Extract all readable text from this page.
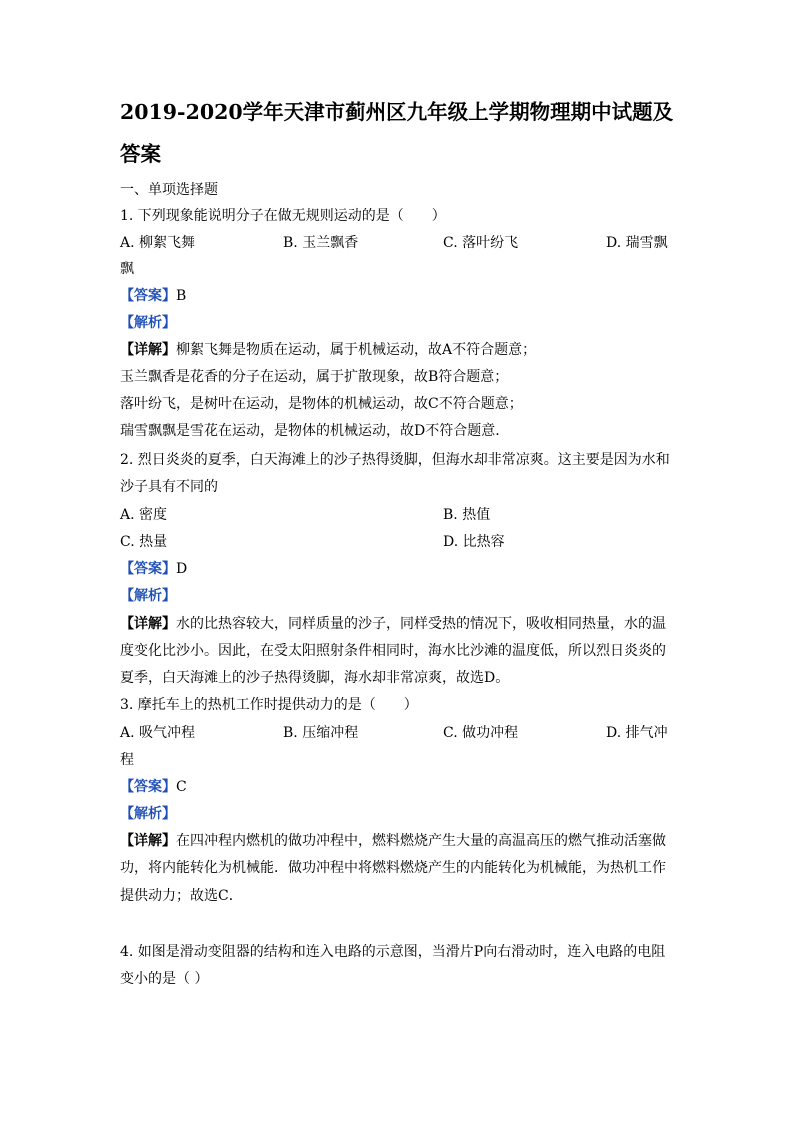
2019-2020学年天津市蓟州区九年级上学期物理期中试题及
答案
一、单项选择题
1. 下列现象能说明分子在做无规则运动的是（　　）
A. 柳絮飞舞	B. 玉兰飘香	C. 落叶纷飞	D. 瑞雪飘
飘
【答案】B
【解析】
【详解】柳絮飞舞是物质在运动，属于机械运动，故A不符合题意；
玉兰飘香是花香的分子在运动，属于扩散现象，故B符合题意；
落叶纷飞，是树叶在运动，是物体的机械运动，故C不符合题意；
瑞雪飘飘是雪花在运动，是物体的机械运动，故D不符合题意.
2. 烈日炎炎的夏季，白天海滩上的沙子热得烫脚，但海水却非常凉爽。这主要是因为水和
沙子具有不同的
A. 密度	B. 热值
C. 热量	D. 比热容
【答案】D
【解析】
【详解】水的比热容较大，同样质量的沙子，同样受热的情况下，吸收相同热量，水的温
度变化比沙小。因此，在受太阳照射条件相同时，海水比沙滩的温度低，所以烈日炎炎的
夏季，白天海滩上的沙子热得烫脚，海水却非常凉爽，故选D。
3. 摩托车上的热机工作时提供动力的是（　　）
A. 吸气冲程	B. 压缩冲程	C. 做功冲程	D. 排气冲
程
【答案】C
【解析】
【详解】在四冲程内燃机的做功冲程中，燃料燃烧产生大量的高温高压的燃气推动活塞做
功，将内能转化为机械能．做功冲程中将燃料燃烧产生的内能转化为机械能，为热机工作
提供动力；故选C．
4. 如图是滑动变阻器的结构和连入电路的示意图，当滑片P向右滑动时，连入电路的电阻
变小的是（ ）
